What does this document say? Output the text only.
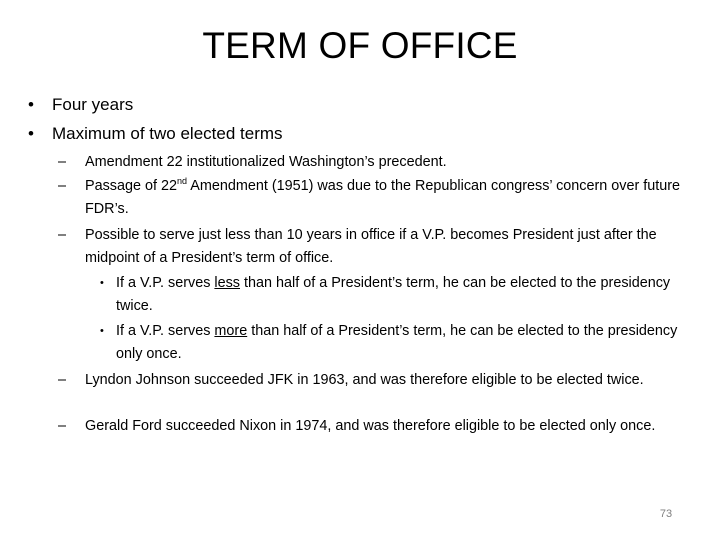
TERM OF OFFICE
• Four years
• Maximum of two elected terms
– Amendment 22 institutionalized Washington’s precedent.
– Passage of 22nd Amendment (1951) was due to the Republican congress’ concern over future FDR’s.
– Possible to serve just less than 10 years in office if a V.P. becomes President just after the midpoint of a President’s term of office.
• If a V.P. serves less than half of a President’s term, he can be elected to the presidency twice.
• If a V.P. serves more than half of a President’s term, he can be elected to the presidency only once.
– Lyndon Johnson succeeded JFK in 1963, and was therefore eligible to be elected twice.
– Gerald Ford succeeded Nixon in 1974, and was therefore eligible to be elected only once.
73
